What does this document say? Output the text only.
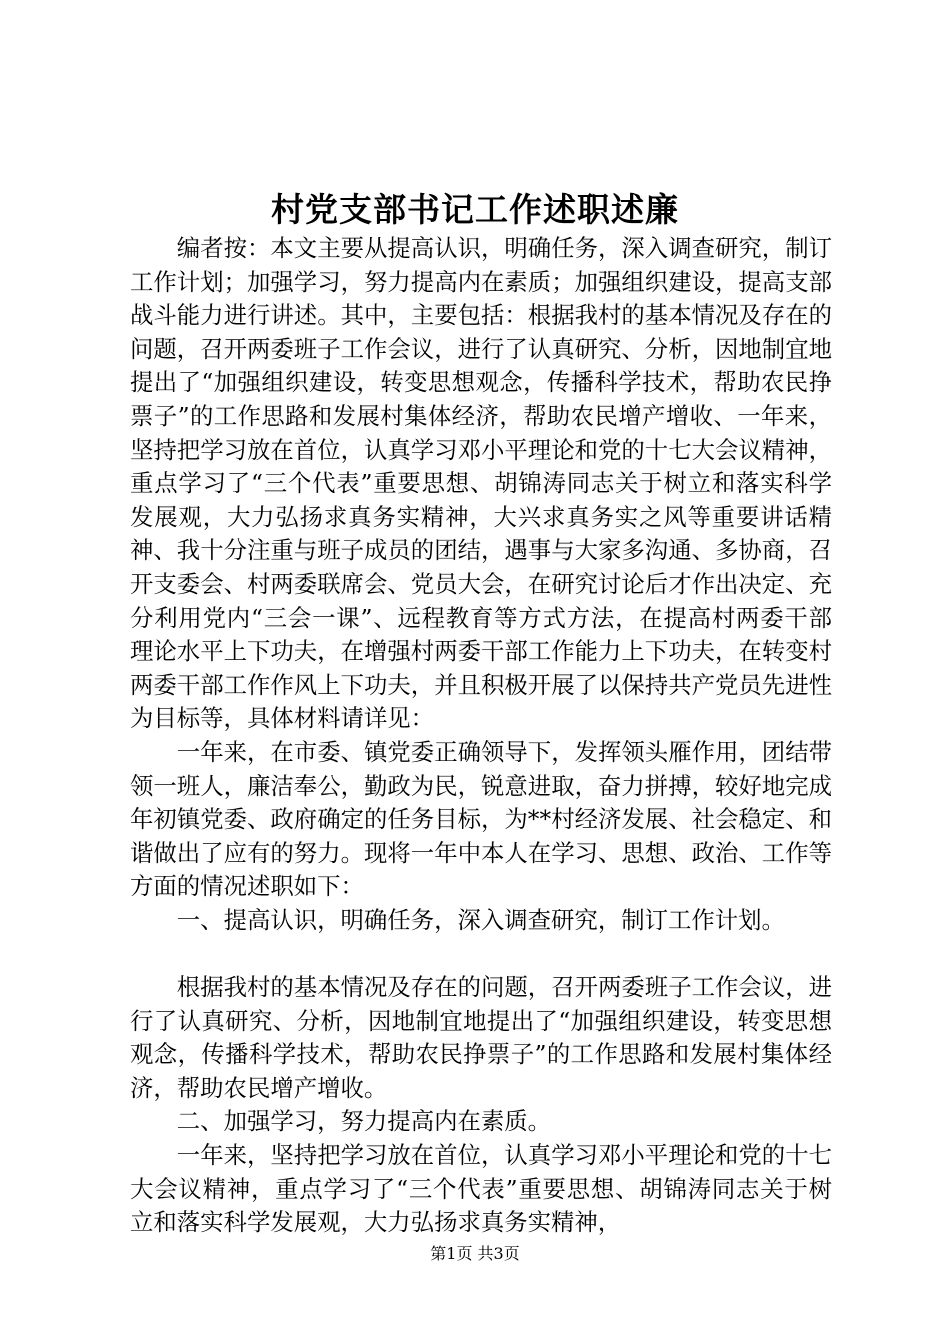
村党支部书记工作述职述廉

编者按：本文主要从提高认识，明确任务，深入调查研究，制订工作计划；加强学习，努力提高内在素质；加强组织建设，提高支部战斗能力进行讲述。其中，主要包括：根据我村的基本情况及存在的问题，召开两委班子工作会议，进行了认真研究、分析，因地制宜地提出了“加强组织建设，转变思想观念，传播科学技术，帮助农民挣票子”的工作思路和发展村集体经济，帮助农民增产增收、一年来，坚持把学习放在首位，认真学习邓小平理论和党的十七大会议精神，重点学习了“三个代表”重要思想、胡锦涛同志关于树立和落实科学发展观，大力弘扬求真务实精神，大兴求真务实之风等重要讲话精神、我十分注重与班子成员的团结，遇事与大家多沟通、多协商，召开支委会、村两委联席会、党员大会，在研究讨论后才作出决定、充分利用党内“三会一课”、远程教育等方式方法，在提高村两委干部理论水平上下功夫，在增强村两委干部工作能力上下功夫，在转变村两委干部工作作风上下功夫，并且积极开展了以保持共产党员先进性为目标等，具体材料请详见：

一年来，在市委、镇党委正确领导下，发挥领头雁作用，团结带领一班人，廉洁奉公，勤政为民，锐意进取，奋力拼搏，较好地完成年初镇党委、政府确定的任务目标，为**村经济发展、社会稳定、和谐做出了应有的努力。现将一年中本人在学习、思想、政治、工作等方面的情况述职如下：

一、提高认识，明确任务，深入调查研究，制订工作计划。

根据我村的基本情况及存在的问题，召开两委班子工作会议，进行了认真研究、分析，因地制宜地提出了“加强组织建设，转变思想观念，传播科学技术，帮助农民挣票子”的工作思路和发展村集体经济，帮助农民增产增收。

二、加强学习，努力提高内在素质。

一年来，坚持把学习放在首位，认真学习邓小平理论和党的十七大会议精神，重点学习了“三个代表”重要思想、胡锦涛同志关于树立和落实科学发展观，大力弘扬求真务实精神，

第1页 共3页
